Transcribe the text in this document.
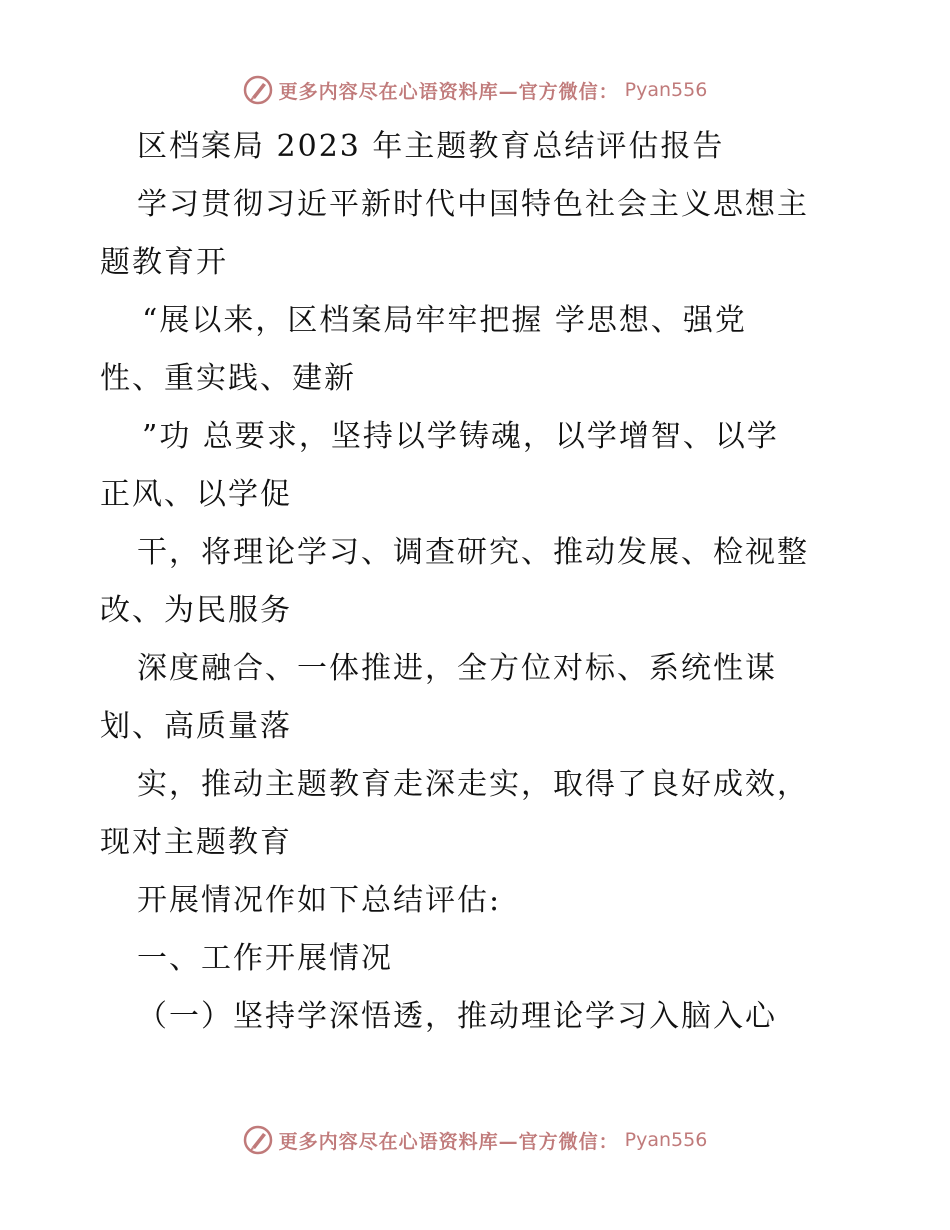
更多内容尽在心语资料库—官方微信： Pyan556
区档案局 2023 年主题教育总结评估报告
学习贯彻习近平新时代中国特色社会主义思想主
题教育开
“展以来，区档案局牢牢把握 学思想、强党
性、重实践、建新
”功 总要求，坚持以学铸魂，以学增智、以学
正风、以学促
干，将理论学习、调查研究、推动发展、检视整
改、为民服务
深度融合、一体推进，全方位对标、系统性谋
划、高质量落
实，推动主题教育走深走实，取得了良好成效，
现对主题教育
开展情况作如下总结评估:
一、工作开展情况
（一）坚持学深悟透，推动理论学习入脑入心
更多内容尽在心语资料库—官方微信： Pyan556
